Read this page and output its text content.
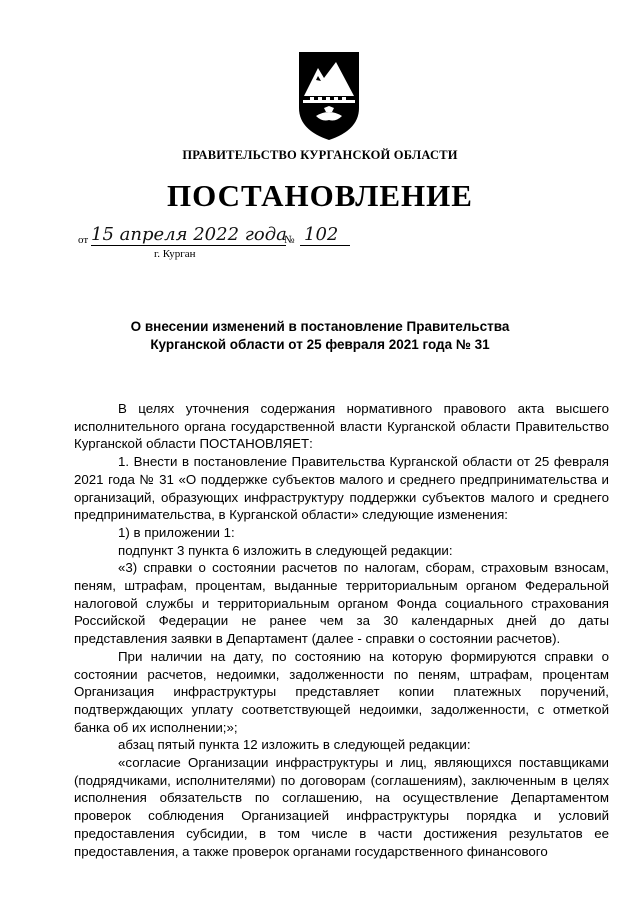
ПРАВИТЕЛЬСТВО КУРГАНСКОЙ ОБЛАСТИ
ПОСТАНОВЛЕНИЕ
от 15 апреля 2022 года
№ 102
г. Курган
О внесении изменений в постановление Правительства
Курганской области от 25 февраля 2021 года № 31

В целях уточнения содержания нормативного правового акта высшего исполнительного органа государственной власти Курганской области Правительство Курганской области ПОСТАНОВЛЯЕТ:

1. Внести в постановление Правительства Курганской области от 25 февраля 2021 года № 31 «О поддержке субъектов малого и среднего предпринимательства и организаций, образующих инфраструктуру поддержки субъектов малого и среднего предпринимательства, в Курганской области» следующие изменения:

1) в приложении 1:

подпункт 3 пункта 6 изложить в следующей редакции:

«3) справки о состоянии расчетов по налогам, сборам, страховым взносам, пеням, штрафам, процентам, выданные территориальным органом Федеральной налоговой службы и территориальным органом Фонда социального страхования Российской Федерации не ранее чем за 30 календарных дней до даты представления заявки в Департамент (далее - справки о состоянии расчетов).

При наличии на дату, по состоянию на которую формируются справки о состоянии расчетов, недоимки, задолженности по пеням, штрафам, процентам Организация инфраструктуры представляет копии платежных поручений, подтверждающих уплату соответствующей недоимки, задолженности, с отметкой банка об их исполнении;»;

абзац пятый пункта 12 изложить в следующей редакции:

«согласие Организации инфраструктуры и лиц, являющихся поставщиками (подрядчиками, исполнителями) по договорам (соглашениям), заключенным в целях исполнения обязательств по соглашению, на осуществление Департаментом проверок соблюдения Организацией инфраструктуры порядка и условий предоставления субсидии, в том числе в части достижения результатов ее предоставления, а также проверок органами государственного финансового
